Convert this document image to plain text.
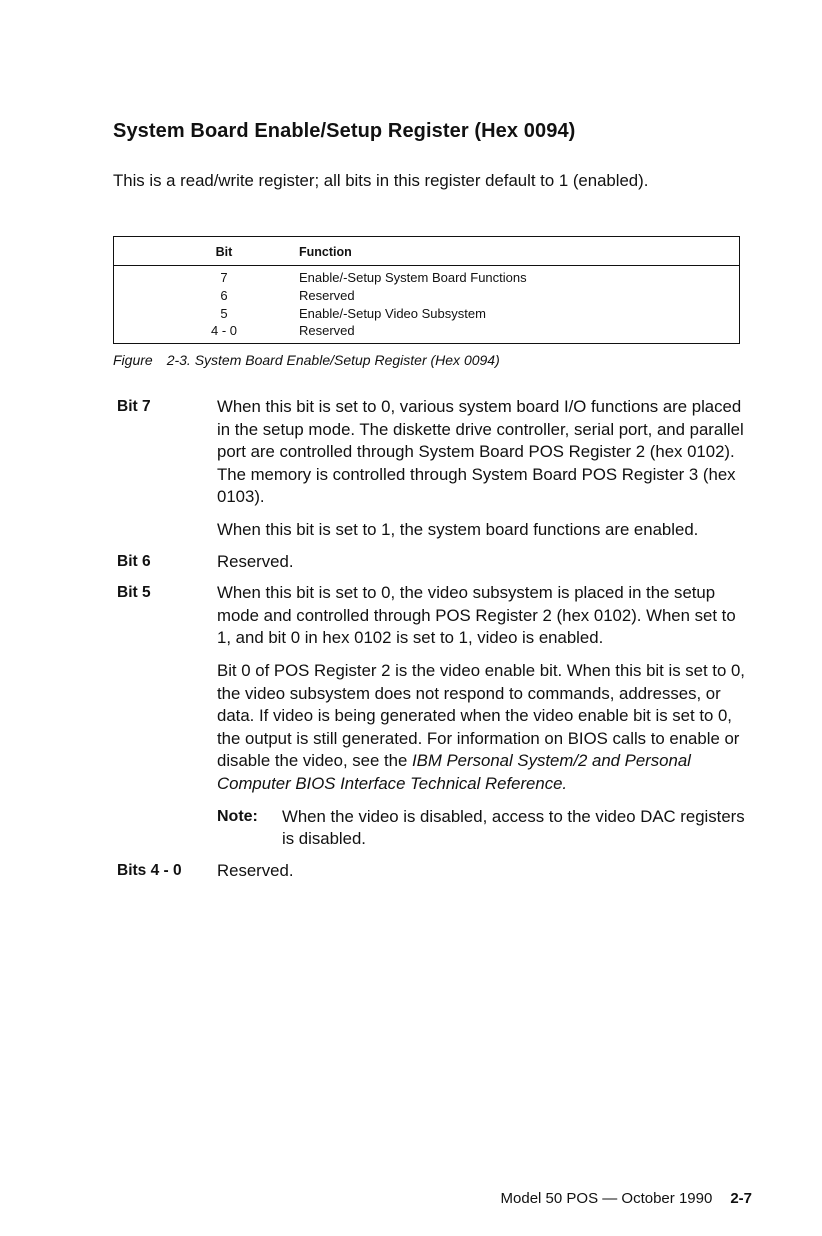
System Board Enable/Setup Register (Hex 0094)
This is a read/write register; all bits in this register default to 1 (enabled).
Bit	Function
7	Enable/-Setup System Board Functions
6	Reserved
5	Enable/-Setup Video Subsystem
4 - 0	Reserved
Figure 2-3. System Board Enable/Setup Register (Hex 0094)
Bit 7	When this bit is set to 0, various system board I/O functions are placed in the setup mode. The diskette drive controller, serial port, and parallel port are controlled through System Board POS Register 2 (hex 0102). The memory is controlled through System Board POS Register 3 (hex 0103).

When this bit is set to 1, the system board functions are enabled.

Bit 6	Reserved.

Bit 5	When this bit is set to 0, the video subsystem is placed in the setup mode and controlled through POS Register 2 (hex 0102). When set to 1, and bit 0 in hex 0102 is set to 1, video is enabled.

Bit 0 of POS Register 2 is the video enable bit. When this bit is set to 0, the video subsystem does not respond to commands, addresses, or data. If video is being generated when the video enable bit is set to 0, the output is still generated. For information on BIOS calls to enable or disable the video, see the IBM Personal System/2 and Personal Computer BIOS Interface Technical Reference.

Note: When the video is disabled, access to the video DAC registers is disabled.
Bits 4 - 0 Reserved.

Model 50 POS — October 1990 2-7
